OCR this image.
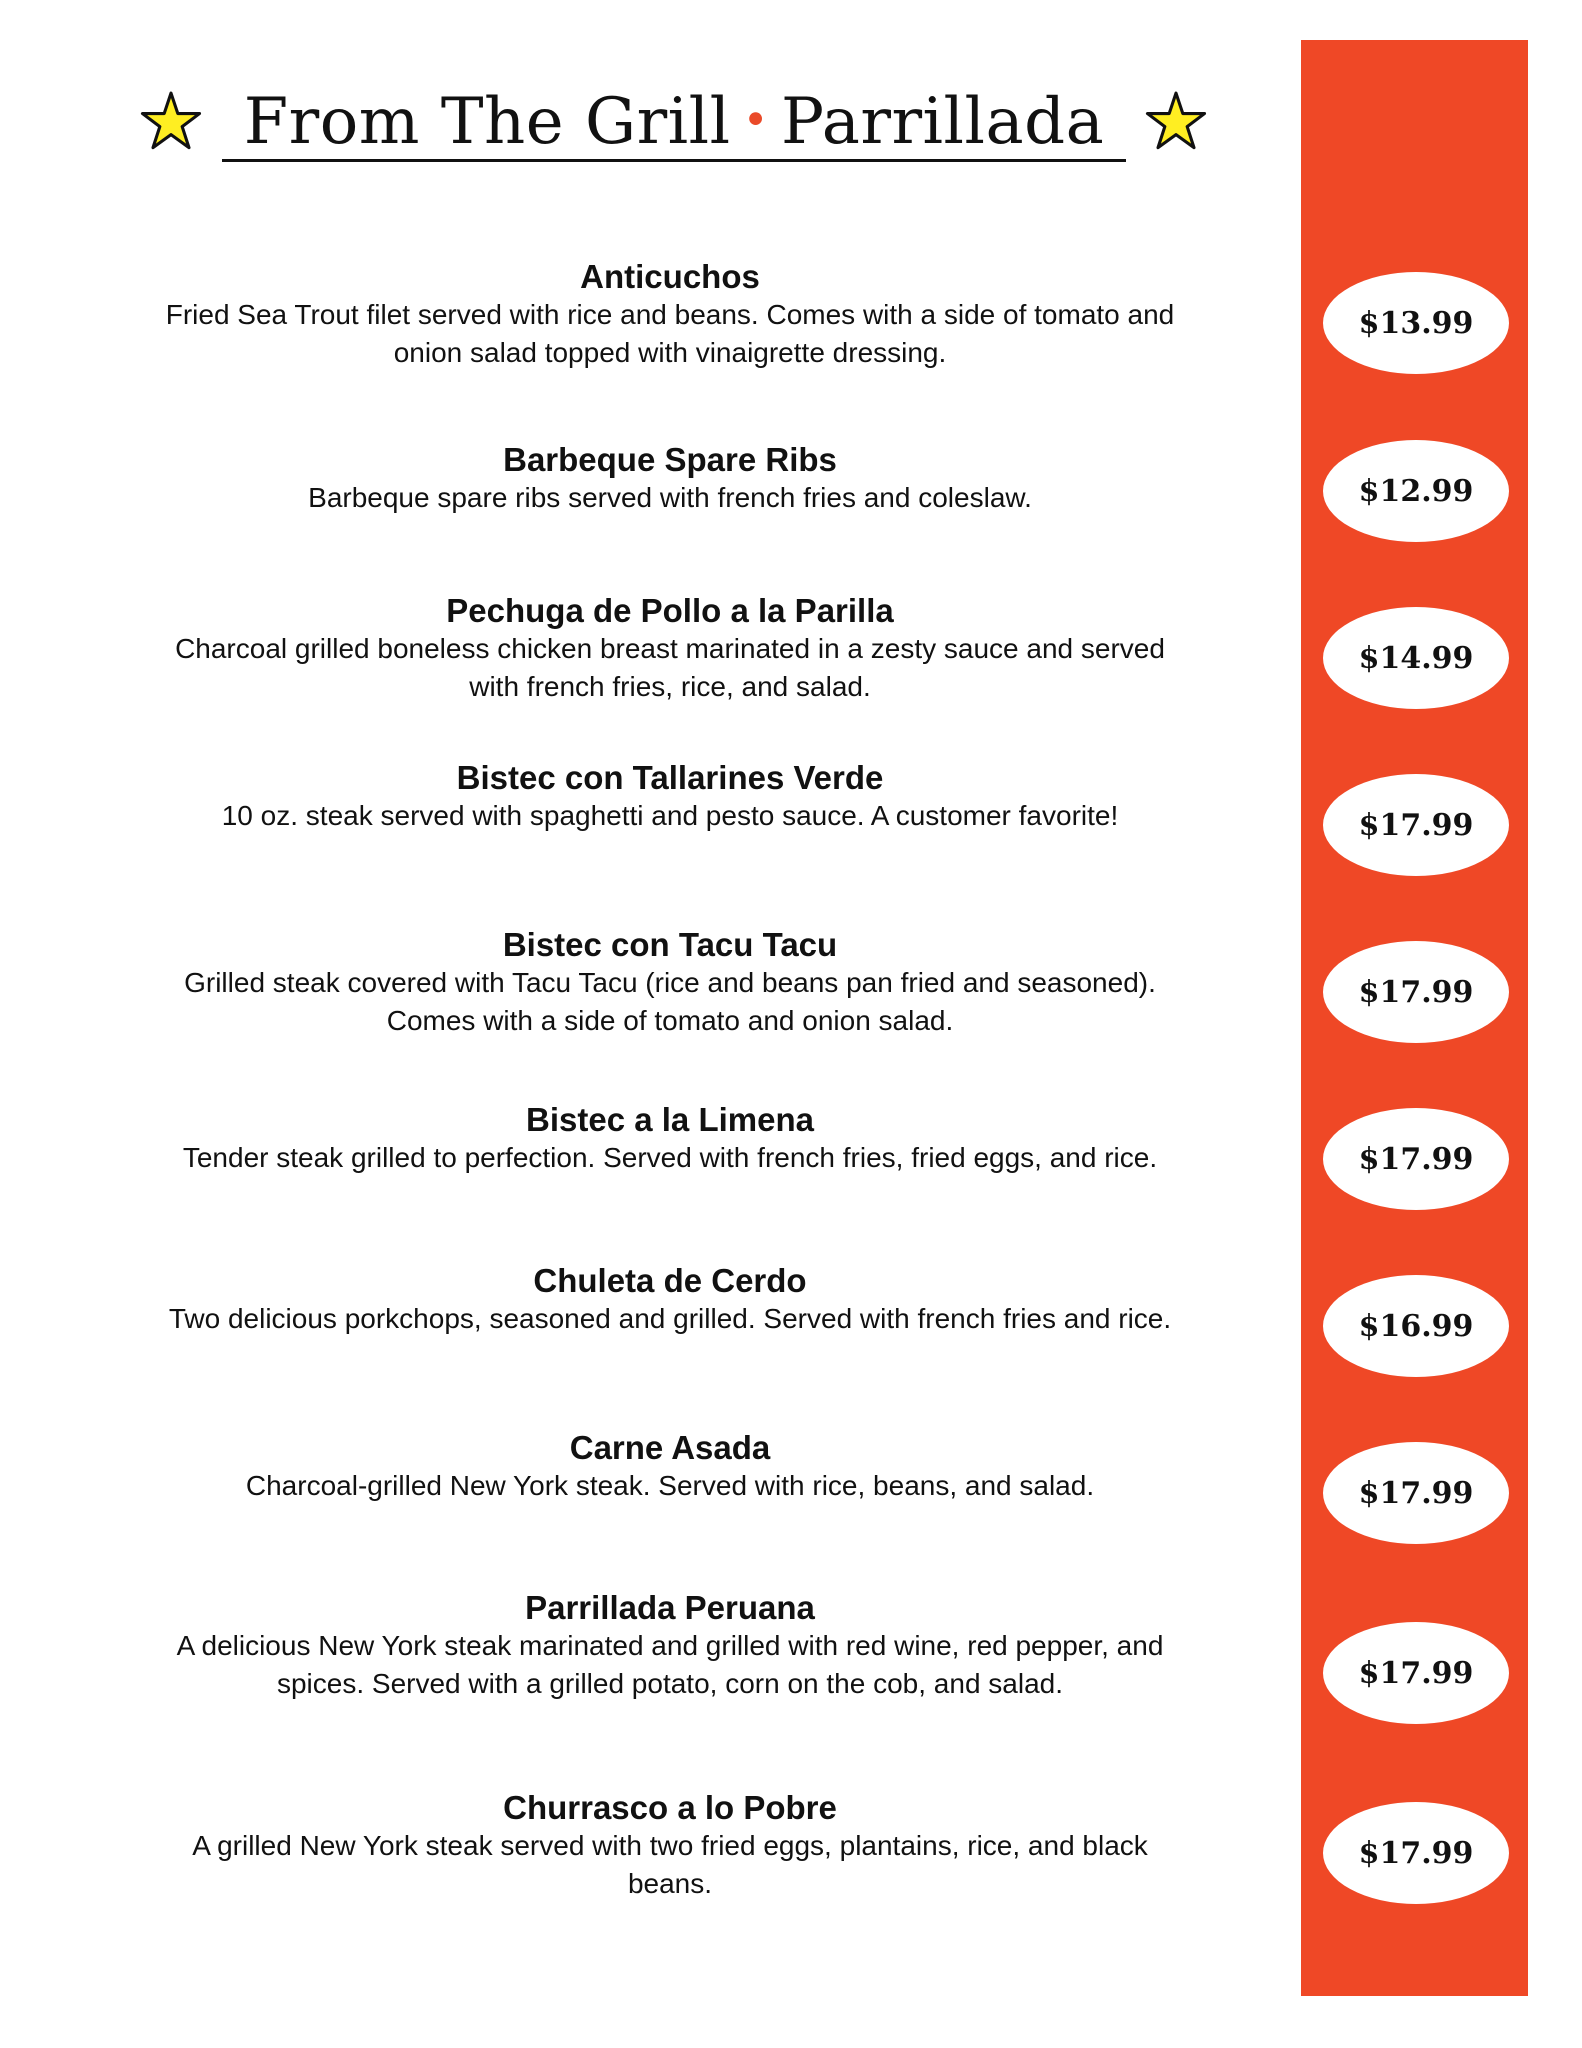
From The Grill • Parrillada
Anticuchos
Fried Sea Trout filet served with rice and beans. Comes with a side of tomato and
onion salad topped with vinaigrette dressing.
Barbeque Spare Ribs
Barbeque spare ribs served with french fries and coleslaw.
Pechuga de Pollo a la Parilla
Charcoal grilled boneless chicken breast marinated in a zesty sauce and served
with french fries, rice, and salad.
Bistec con Tallarines Verde
10 oz. steak served with spaghetti and pesto sauce. A customer favorite!
Bistec con Tacu Tacu
Grilled steak covered with Tacu Tacu (rice and beans pan fried and seasoned).
Comes with a side of tomato and onion salad.
Bistec a la Limena
Tender steak grilled to perfection. Served with french fries, fried eggs, and rice.
Chuleta de Cerdo
Two delicious porkchops, seasoned and grilled. Served with french fries and rice.
Carne Asada
Charcoal-grilled New York steak. Served with rice, beans, and salad.
Parrillada Peruana
A delicious New York steak marinated and grilled with red wine, red pepper, and
spices. Served with a grilled potato, corn on the cob, and salad.
Churrasco a lo Pobre
A grilled New York steak served with two fried eggs, plantains, rice, and black
beans.
$13.99
$12.99
$14.99
$17.99
$17.99
$17.99
$16.99
$17.99
$17.99
$17.99
